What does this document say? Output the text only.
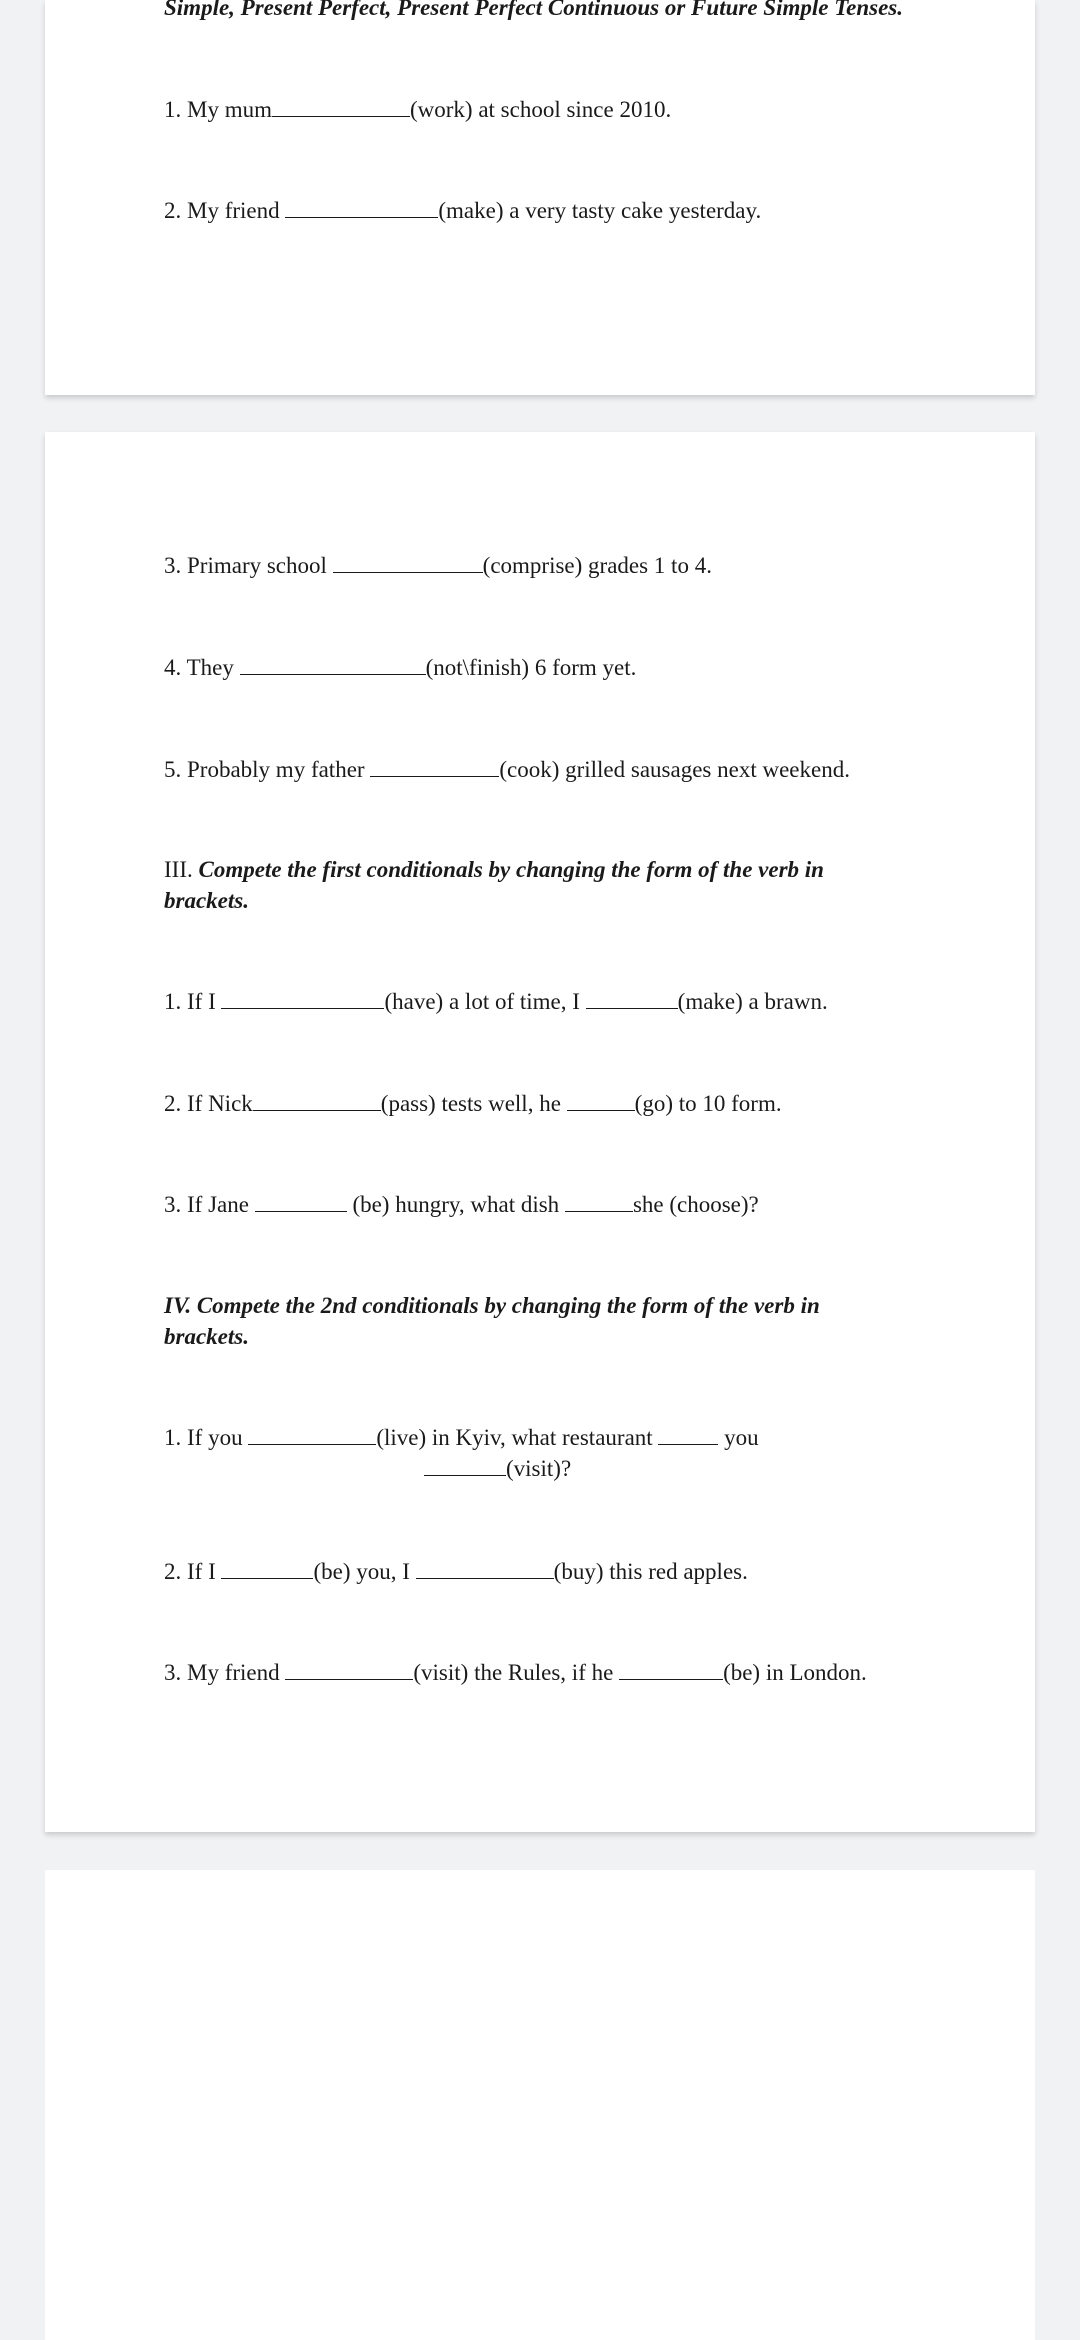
Simple, Present Perfect, Present Perfect Continuous or Future Simple Tenses.
1. My mum	(work) at school since 2010.
2. My friend	(make) a very tasty cake yesterday.
3. Primary school	(comprise) grades 1 to 4.
4. They	(not\finish) 6 form yet.
5. Probably my father	(cook) grilled sausages next weekend.
III. Compete the first conditionals by changing the form of the verb in brackets.
1. If I	(have) a lot of time, I	(make) a brawn.
2. If Nick	(pass) tests well, he	(go) to 10 form.
3. If Jane	(be) hungry, what dish	she (choose)?
IV. Compete the 2nd conditionals by changing the form of the verb in brackets.
1. If you	(live) in Kyiv, what restaurant	you (visit)?
2. If I	(be) you, I	(buy) this red apples.
3. My friend	(visit) the Rules, if he	(be) in London.
